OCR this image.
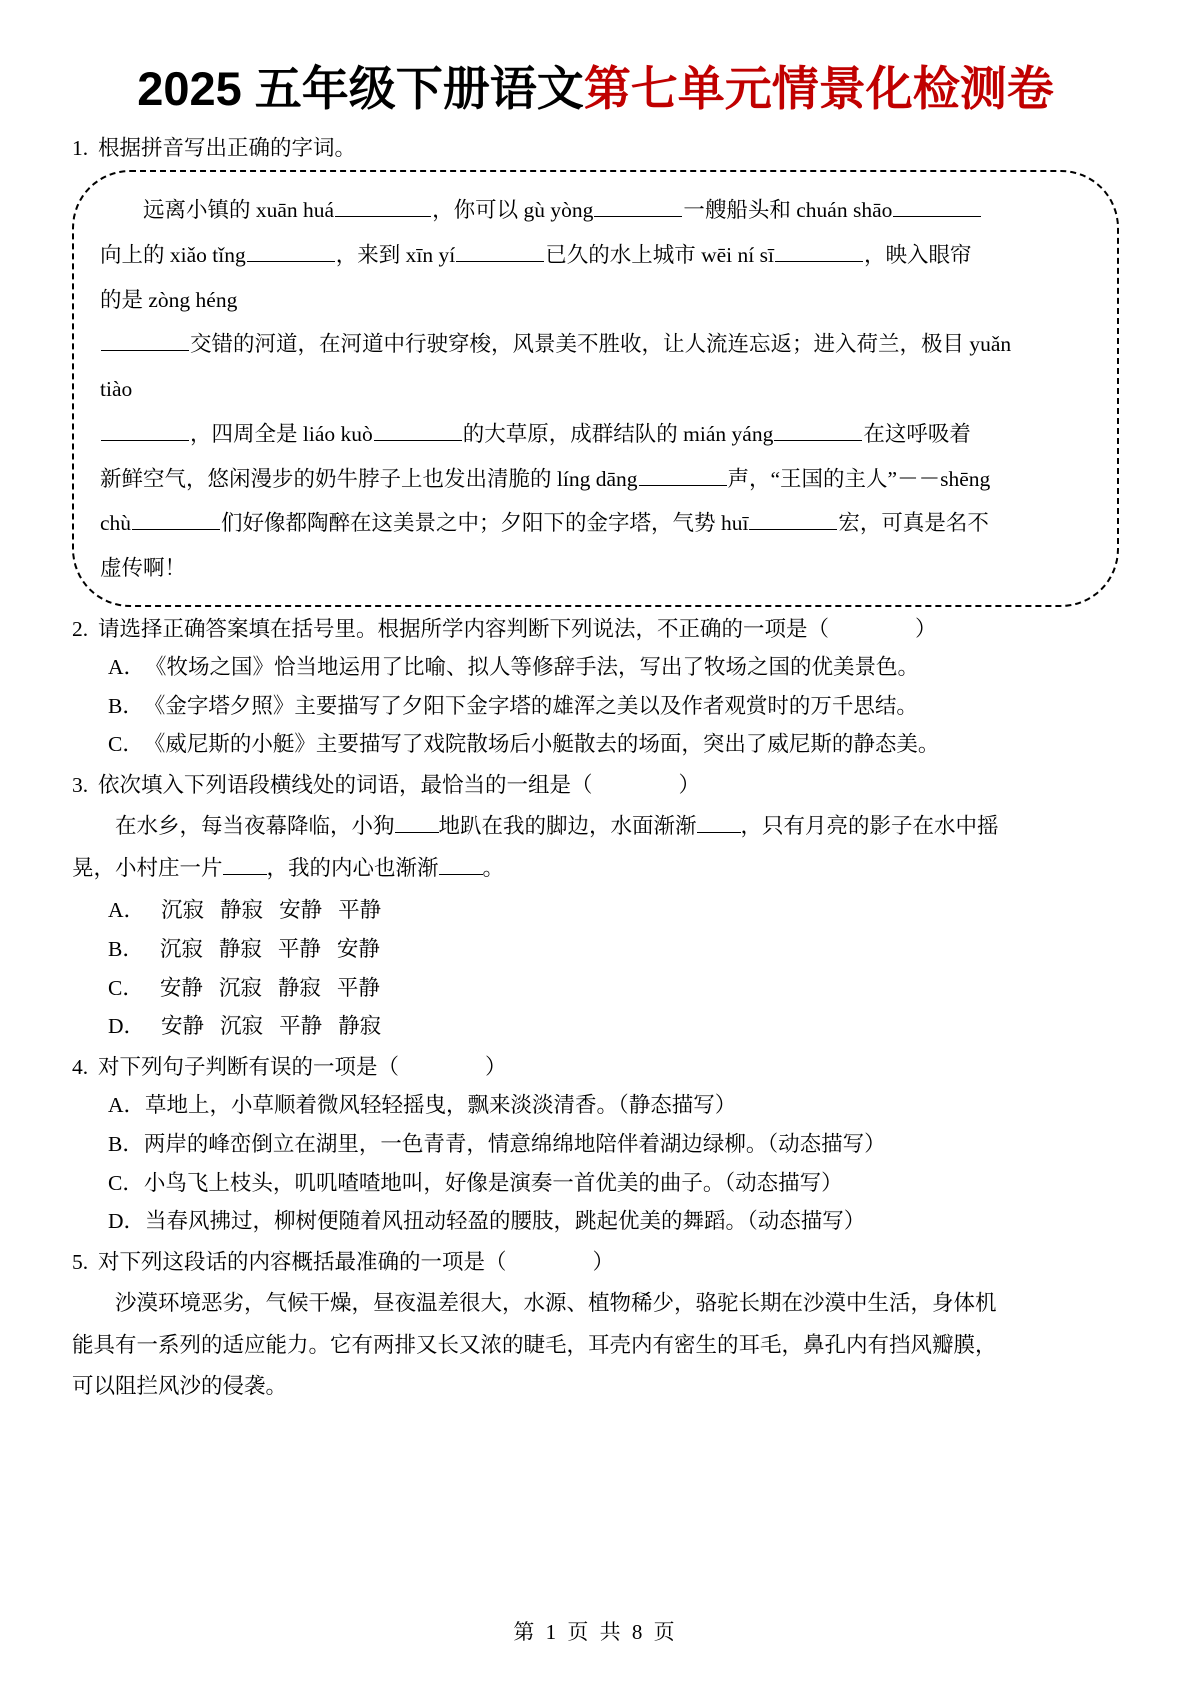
2025 五年级下册语文第七单元情景化检测卷
1. 根据拼音写出正确的字词。

远离小镇的 xuān huá	，你可以 gù yòng	一艘船头和 chuán shāo

向上的 xiǎo tǐng	，来到 xīn yí	已久的水上城市 wēi ní sī	，映入眼帘

的是 zòng héng

交错的河道，在河道中行驶穿梭，风景美不胜收，让人流连忘返；进入荷兰，极目 yuǎn

tiào

，四周全是 liáo kuò	的大草原，成群结队的 mián yáng	在这呼吸着

新鲜空气，悠闲漫步的奶牛脖子上也发出清脆的 líng dāng	声，“王国的主人”－－shēng

chù	们好像都陶醉在这美景之中；夕阳下的金字塔，气势 huī	宏，可真是名不

虚传啊！

2. 请选择正确答案填在括号里。根据所学内容判断下列说法，不正确的一项是（	）
A．《牧场之国》恰当地运用了比喻、拟人等修辞手法，写出了牧场之国的优美景色。
B．《金字塔夕照》主要描写了夕阳下金字塔的雄浑之美以及作者观赏时的万千思结。
C．《威尼斯的小艇》主要描写了戏院散场后小艇散去的场面，突出了威尼斯的静态美。
3. 依次填入下列语段横线处的词语，最恰当的一组是（	）

在水乡，每当夜幕降临，小狗 地趴在我的脚边，水面渐渐 ，只有月亮的影子在水中摇

晃，小村庄一片 ，我的内心也渐渐 。

A． 沉寂 静寂 安静 平静
B． 沉寂 静寂 平静 安静
C． 安静 沉寂 静寂 平静
D． 安静 沉寂 平静 静寂
4. 对下列句子判断有误的一项是（	）
A．草地上，小草顺着微风轻轻摇曳，飘来淡淡清香。（静态描写）
B．两岸的峰峦倒立在湖里，一色青青，情意绵绵地陪伴着湖边绿柳。（动态描写）
C．小鸟飞上枝头，叽叽喳喳地叫，好像是演奏一首优美的曲子。（动态描写）
D．当春风拂过，柳树便随着风扭动轻盈的腰肢，跳起优美的舞蹈。（动态描写）
5. 对下列这段话的内容概括最准确的一项是（	）

沙漠环境恶劣，气候干燥，昼夜温差很大，水源、植物稀少，骆驼长期在沙漠中生活，身体机

能具有一系列的适应能力。它有两排又长又浓的睫毛，耳壳内有密生的耳毛，鼻孔内有挡风瓣膜，

可以阻拦风沙的侵袭。

第 1 页 共 8 页
